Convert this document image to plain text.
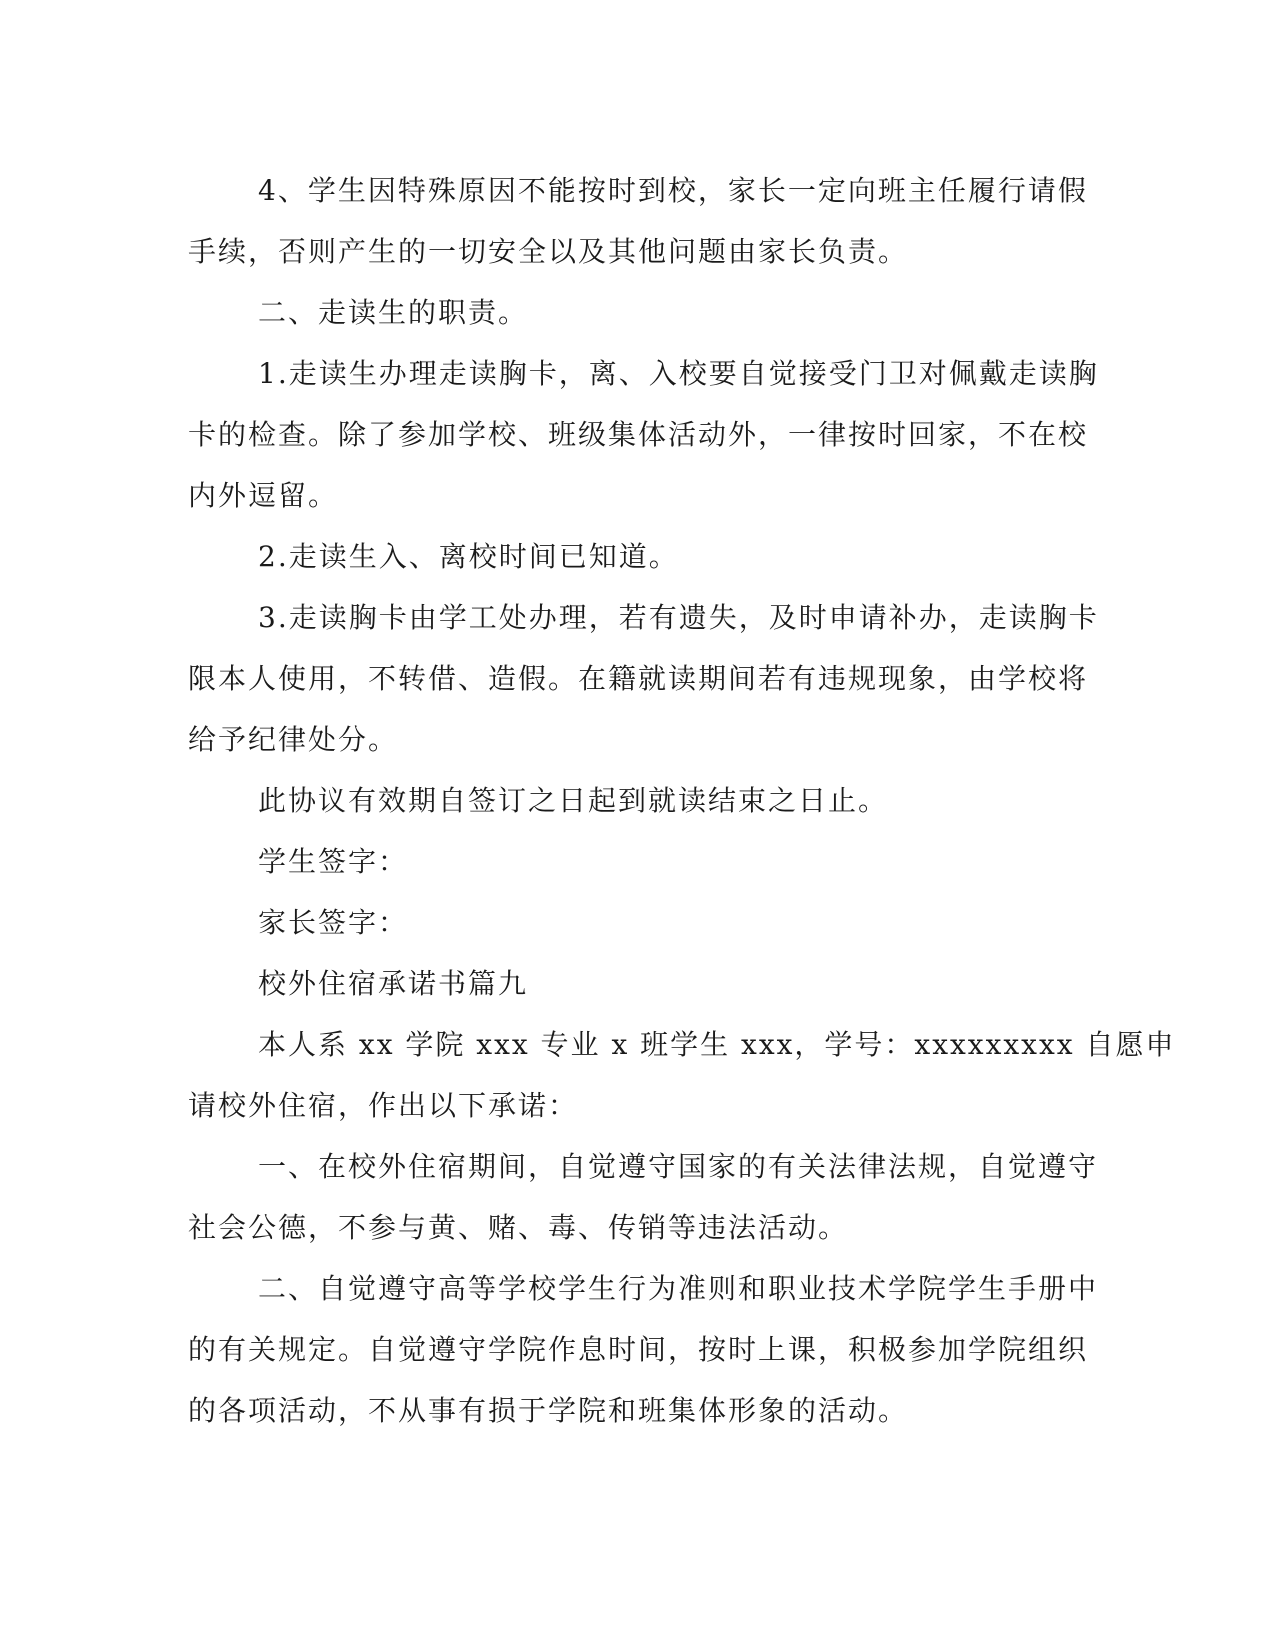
4、学生因特殊原因不能按时到校，家长一定向班主任履行请假

手续，否则产生的一切安全以及其他问题由家长负责。

二、走读生的职责。

1.走读生办理走读胸卡，离、入校要自觉接受门卫对佩戴走读胸

卡的检查。除了参加学校、班级集体活动外，一律按时回家，不在校

内外逗留。

2.走读生入、离校时间已知道。

3.走读胸卡由学工处办理，若有遗失，及时申请补办，走读胸卡

限本人使用，不转借、造假。在籍就读期间若有违规现象，由学校将

给予纪律处分。

此协议有效期自签订之日起到就读结束之日止。

学生签字：

家长签字：

校外住宿承诺书篇九

本人系 xx 学院 xxx 专业 x 班学生 xxx，学号：xxxxxxxxx 自愿申

请校外住宿，作出以下承诺：

一、在校外住宿期间，自觉遵守国家的有关法律法规，自觉遵守

社会公德，不参与黄、赌、毒、传销等违法活动。

二、自觉遵守高等学校学生行为准则和职业技术学院学生手册中

的有关规定。自觉遵守学院作息时间，按时上课，积极参加学院组织

的各项活动，不从事有损于学院和班集体形象的活动。
